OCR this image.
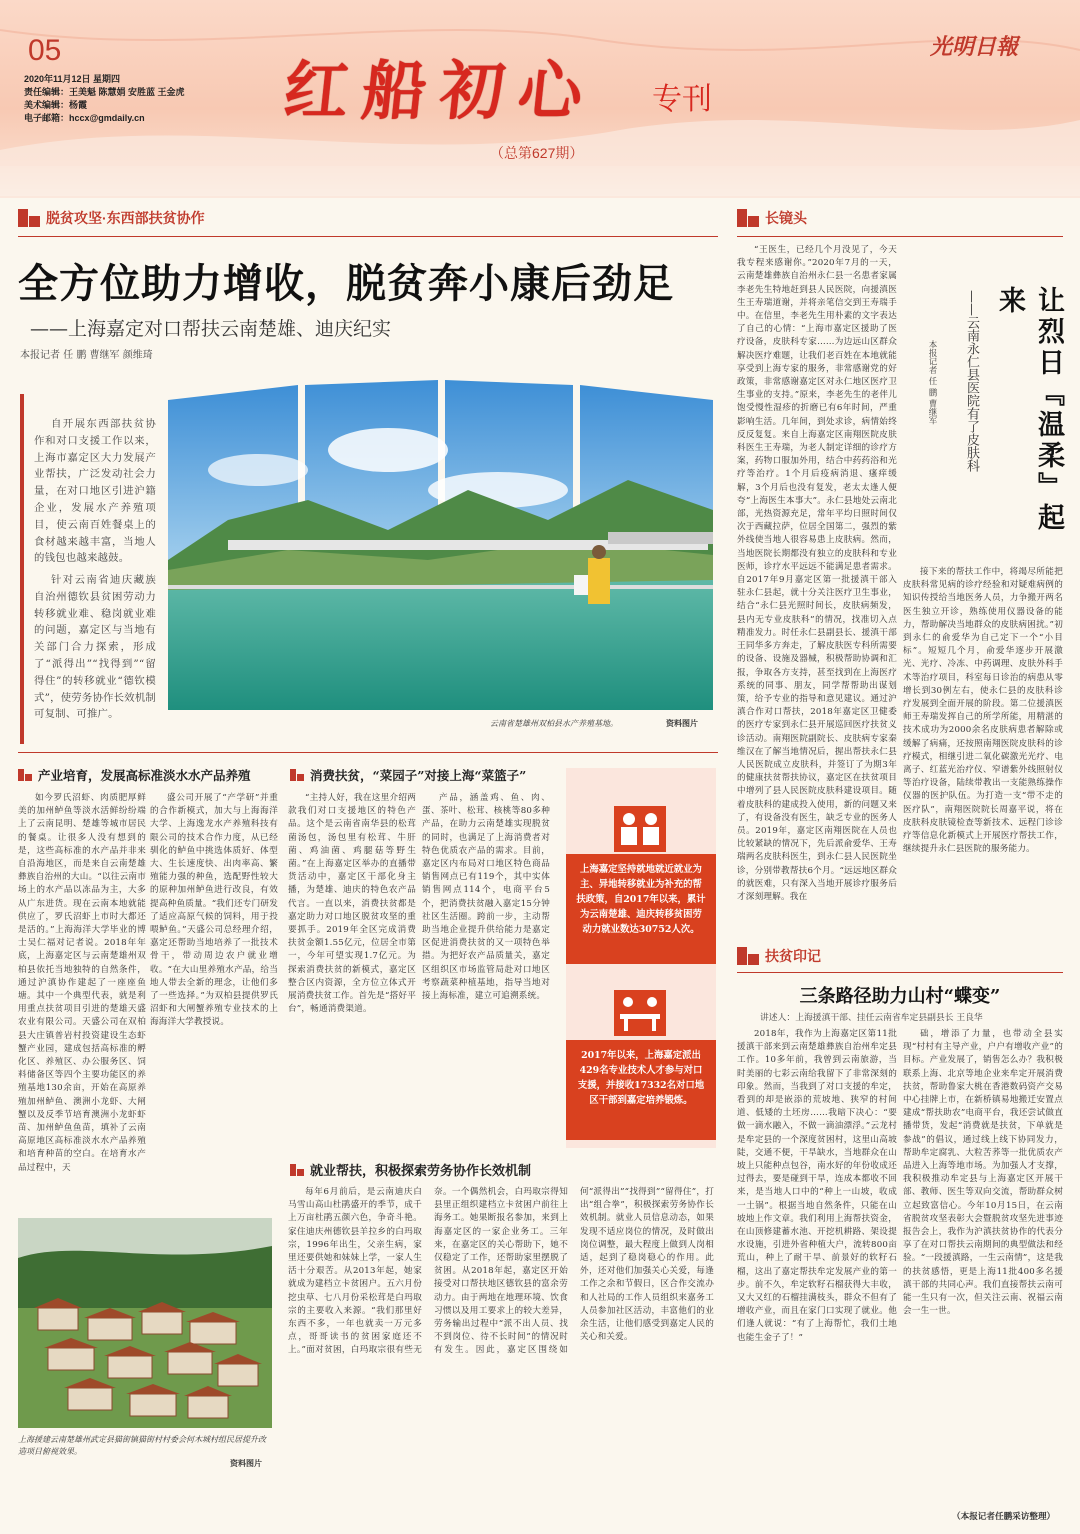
05
2020年11月12日 星期四
责任编辑：王美魁 陈慧娟 安胜蓝 王金虎
美术编辑：杨霞
电子邮箱：hccx@gmdaily.cn 红船初心 专刊
（总第627期）
光明日報
脱贫攻坚·东西部扶贫协作
全方位助力增收，脱贫奔小康后劲足
——上海嘉定对口帮扶云南楚雄、迪庆纪实
本报记者 任 鹏 曹继军 颜维琦
自开展东西部扶贫协作和对口支援工作以来，上海市嘉定区大力发展产业帮扶，广泛发动社会力量，在对口地区引进沪籍企业，发展水产养殖项目，使云南百姓餐桌上的食材越来越丰富，当地人的钱包也越来越鼓。
针对云南省迪庆藏族自治州德钦县贫困劳动力转移就业难、稳岗就业难的问题，嘉定区与当地有关部门合力探索，形成了“派得出”“找得到”“留得住”的转移就业“德钦模式”，使劳务协作长效机制可复制、可推广。
云南省楚雄州双柏县水产养殖基地。	资料图片
产业培育，发展高标准淡水水产品养殖
如今罗氏沼虾、肉质肥厚鲜美的加州鲈鱼等淡水活鲜纷纷端上了云南昆明、楚雄等城市居民的餐桌。让很多人没有想到的是，这些高标准的水产品并非来自沿海地区，而是来自云南楚雄彝族自治州的大山。“以往云南市场上的水产品以冻品为主，大多从广东进货。现在云南本地就能供应了，罗氏沼虾上市时大都还是活的。”上海海洋大学毕业的博士吴仁福对记者说。2018年年底，上海嘉定区与云南楚雄州双柏县依托当地独特的自然条件，通过沪滇协作建起了一座座鱼塘。其中一个典型代表，就是利用重点扶贫项目引进的楚雄天盛农业有限公司。天盛公司在双柏县大庄镇普岩村投资建设生态虾蟹产业园，建成包括高标准的孵化区、养殖区、办公服务区、饲料储备区等四个主要功能区的养殖基地130余亩，开始在高原养殖加州鲈鱼、澳洲小龙虾、大闸蟹以及反季节培育澳洲小龙虾虾苗、加州鲈鱼鱼苗，填补了云南高原地区高标准淡水水产品养殖和培育种苗的空白。在培育水产品过程中，天
盛公司开展了“产学研”并重的合作新模式，加大与上海海洋大学、上海逸龙水产养殖科技有限公司的技术合作力度，从已经驯化的鲈鱼中挑选体质好、体型大、生长速度快、出肉率高、繁殖能力强的种鱼，选配野性较大的原种加州鲈鱼进行改良，有效提高种鱼质量。“我们还专门研发了适应高原气候的饲料，用于投喂鲈鱼。”天盛公司总经理介绍，嘉定还帮助当地培养了一批技术骨干，带动周边农户就业增收。“在大山里养殖水产品，给当地人带去全新的理念，让他们多了一些选择。”为双柏县提供罗氏沼虾和大闸蟹养殖专业技术的上海海洋大学教授说。
消费扶贫，“菜园子”对接上海“菜篮子”
“主持人好，我在这里介绍两款我们对口支援地区的特色产品。这个是云南省南华县的松茸菌汤包，汤包里有松茸、牛肝菌、鸡油菌、鸡腿菇等野生菌。”在上海嘉定区举办的直播带货活动中，嘉定区干部化身主播，为楚雄、迪庆的特色农产品代言。一直以来，消费扶贫都是嘉定助力对口地区脱贫攻坚的重要抓手。2019年全区完成消费扶贫金额1.55亿元，位居全市第一，今年可望实现1.7亿元。为探索消费扶贫的新模式，嘉定区整合区内资源，全方位立体式开展消费扶贫工作。首先是“搭好平台”，畅通消费渠道。
产品，涵盖鸡、鱼、肉、蛋、茶叶、松茸、核桃等80多种产品，在助力云南楚雄实现脱贫的同时，也满足了上海消费者对特色优质农产品的需求。目前，嘉定区内布局对口地区特色商品销售网点已有119个，其中实体销售网点114个，电商平台5个，把消费扶贫融入嘉定15分钟社区生活圈。跨前一步，主动帮助当地企业提升供给能力是嘉定区促进消费扶贫的又一项特色举措。为把好农产品质量关，嘉定区组织区市场监管局赴对口地区考察蔬菜种植基地，指导当地对接上海标准，建立可追溯系统。
上海嘉定坚持就地就近就业为主、异地转移就业为补充的帮扶政策，自2017年以来，累计为云南楚雄、迪庆转移贫困劳动力就业数达30752人次。
2017年以来，上海嘉定派出429名专业技术人才参与对口支援，并接收17332名对口地区干部到嘉定培养锻炼。
就业帮扶，积极探索劳务协作长效机制
每年6月前后，是云南迪庆白马雪山高山杜鹃盛开的季节，成千上万亩杜鹃五颜六色，争奇斗艳。家住迪庆州德钦县羊拉乡的白玛取宗，1996年出生，父亲生病，家里还要供她和妹妹上学，一家人生活十分艰苦。从2013年起，她家就成为建档立卡贫困户。五六月份挖虫草、七八月份采松茸是白玛取宗的主要收入来源。“我们那里好东西不多，一年也就卖一万元多点，哥哥读书的贫困家庭还不上。”面对贫困，白玛取宗很有些无奈。一个偶然机会，白玛取宗得知县里正组织建档立卡贫困户前往上海务工。她果断报名参加，来到上海嘉定区的一家企业务工。三年来，在嘉定区的关心帮助下，她不仅稳定了工作，还帮助家里摆脱了贫困。从2018年起，嘉定区开始接受对口帮扶地区德钦县的富余劳动力。由于两地在地理环境、饮食习惯以及用工要求上的较大差异，劳务输出过程中“派不出人员、找不到岗位、待不长时间”的情况时有发生。因此，嘉定区围绕如何“派得出”“找得到”“留得住”，打出“组合拳”，积极探索劳务协作长效机制。就业人员信息动态，如果发现不适应岗位的情况，及时做出岗位调整，最大程度上做到人岗相适，起到了稳岗稳心的作用。此外，还对他们加强关心关爱，每逢工作之余和节假日，区合作交流办和人社局的工作人员组织来嘉务工人员参加社区活动，丰富他们的业余生活，让他们感受到嘉定人民的关心和关爱。
上海援建云南楚雄州武定县猫街镇猫街村村委会何木城村组民居提升改造项目俯视效果。
资料图片
长镜头
“王医生，已经几个月没见了，今天我专程来感谢你。”2020年7月的一天，云南楚雄彝族自治州永仁县一名患者家属李老先生特地赶到县人民医院，向援滇医生王寿瑞道谢，并将亲笔信交到王寿瑞手中。在信里，李老先生用朴素的文字表达了自己的心情：“上海市嘉定区援助了医疗设备，皮肤科专家……为边远山区群众解决医疗难题，让我们老百姓在本地就能享受到上海专家的服务，非常感谢党的好政策，非常感谢嘉定区对永仁地区医疗卫生事业的支持。”原来，李老先生的老伴儿饱受慢性湿疹的折磨已有6年时间，严重影响生活。几年间，到处求诊，病情始终反反复复。来自上海嘉定区南翔医院皮肤科医生王寿瑞，为老人制定详细的诊疗方案，药物口服加外用，结合中药药浴和光疗等治疗。1个月后疫病消退、瘙痒缓解，3个月后也没有复发，老太太逢人便夸“上海医生本事大”。永仁县地处云南北部，光热资源充足，常年平均日照时间仅次于西藏拉萨，位居全国第二，强烈的紫外线使当地人很容易患上皮肤病。然而，当地医院长期都没有独立的皮肤科和专业医师，诊疗水平远远不能满足患者需求。自2017年9月嘉定区第一批援滇干部入驻永仁县起，就十分关注医疗卫生事业，结合“永仁县光照时间长，皮肤病频发，县内无专业皮肤科”的情况，找准切入点精准发力。时任永仁县副县长、援滇干部王同华多方奔走，了解皮肤医专科所需要的设备、设施及器械，积极帮助协调和汇报，争取各方支持，甚至找到在上海医疗系统的同事、朋友，同学帮帮助出谋划策，给予专业的指导和意见建议。通过沪滇合作对口帮扶，2018年嘉定区卫健委的医疗专家到永仁县开展巡回医疗扶贫义诊活动。南翔医院副院长、皮肤病专家秦维汉在了解当地情况后，握出帮扶永仁县人民医院成立皮肤科，并签订了为期3年的健康扶贫帮扶协议，嘉定区在扶贫项目中增列了县人民医院皮肤科建设项目。随着皮肤科的建成投入使用，新的问题又来了，有设备没有医生，缺乏专业的医务人员。2019年，嘉定区南翔医院在人员也比较紧缺的情况下，先后派俞爱华、王寿瑞两名皮肤科医生，到永仁县人民医院坐诊，分别带教帮扶6个月。“远远地区群众的就医难，只有深入当地开展诊疗服务后才深刻理解。我在
让烈日『温柔』起来
——云南永仁县医院有了皮肤科
本报记者 任 鹏 曹继军
接下来的帮扶工作中，将竭尽所能把皮肤科常见病的诊疗经验和对疑难病例的知识传授给当地医务人员，力争搬开两名医生独立开诊，熟练使用仪器设备的能力，帮助解决当地群众的皮肤病困扰。”初到永仁的俞爱华为自己定下一个“小目标”。短短几个月，俞爱华逐步开展激光、光疗、冷冻、中药调理、皮肤外科手术等治疗项目，科室每日诊治的病患从零增长到30例左右，使永仁县的皮肤科诊疗发展到全面开展的阶段。第二位援滇医师王寿瑞发挥自己的所学所能，用精湛的技术成功为2000余名皮肤病患者解除或缓解了病痛，还按照南翔医院皮肤科的诊疗模式，相继引进二氧化碳激光光疗、电离子、红蓝光治疗仪、窄谱紫外线照射仪等治疗设备，陆续带教出一支能熟练操作仪器的医护队伍。为打造一支“带不走的医疗队”，南翔医院院长周嘉平说，将在皮肤科皮肤镜检查等新技术、远程门诊诊疗等信息化新模式上开展医疗帮扶工作，继续提升永仁县医院的服务能力。
扶贫印记
三条路径助力山村“蝶变”
讲述人：上海援滇干部、挂任云南省牟定县副县长 王良华
2018年，我作为上海嘉定区第11批援滇干部来到云南楚雄彝族自治州牟定县工作。10多年前，我曾到云南旅游，当时美丽的七彩云南给我留下了非常深刻的印象。然而，当我到了对口支援的牟定，看到的却是嵌添的荒坡地、狭窄的村间道、低矮的土坯房……我暗下决心：“要做一滴水融入，不做一滴油漂浮。”云龙村是牟定县的一个深度贫困村，这里山高坡陡，交通不便，干旱缺水，当地群众在山坡上只能种点包谷，南水好的年份收成还过得去，要是碰到干旱，连成本都收不回来，是当地人口中的“种上一山坡，收成一土锅”。根据当地自然条件，只能在山坡地上作文章。我们利用上海帮扶资金，在山顶修建蓄水池、开挖机耕路、架设提水设施，引进外省种植大户，流转800亩荒山，种上了耐干旱、前景好的软籽石榴，这出了嘉定帮扶牟定发展产业的第一步。前不久，牟定软籽石榴获得大丰收，又大又红的石榴挂满枝头，群众不但有了增收产业，而且在家门口实现了就业。他们逢人就说：“有了上海帮忙，我们土地也能生金子了！”
础，增添了力量，也带动全县实现“村村有主导产业，户户有增收产业”的目标。产业发展了，销售怎么办？我积极联系上海、北京等地企业来牟定开展消费扶贫，帮助鲁家大桃在香港数码资产交易中心挂牌上市，在新桥镇易地搬迁安置点建成“帮扶助农”电商平台，我还尝试做直播带货，发起“消费就是扶贫，下单就是参战”的倡议，通过线上线下协同发力，帮助牟定腐乳、大粒苦荞等一批优质农产品进入上海等地市场。为加强人才支撑，我积极推动牟定县与上海嘉定区开展干部、教师、医生等双向交流，帮助群众树立起致富信心。今年10月15日，在云南省脱贫攻坚表彰大会暨脱贫攻坚先进事迹报告会上，我作为沪滇扶贫协作的代表分享了在对口帮扶云南期间的典型做法和经验。“一段援滇路，一生云南情”，这是我的扶贫感悟，更是上海11批400多名援滇干部的共同心声。我们直接帮扶云南可能一生只有一次，但关注云南、祝福云南会一生一世。
（本报记者任鹏采访整理）
